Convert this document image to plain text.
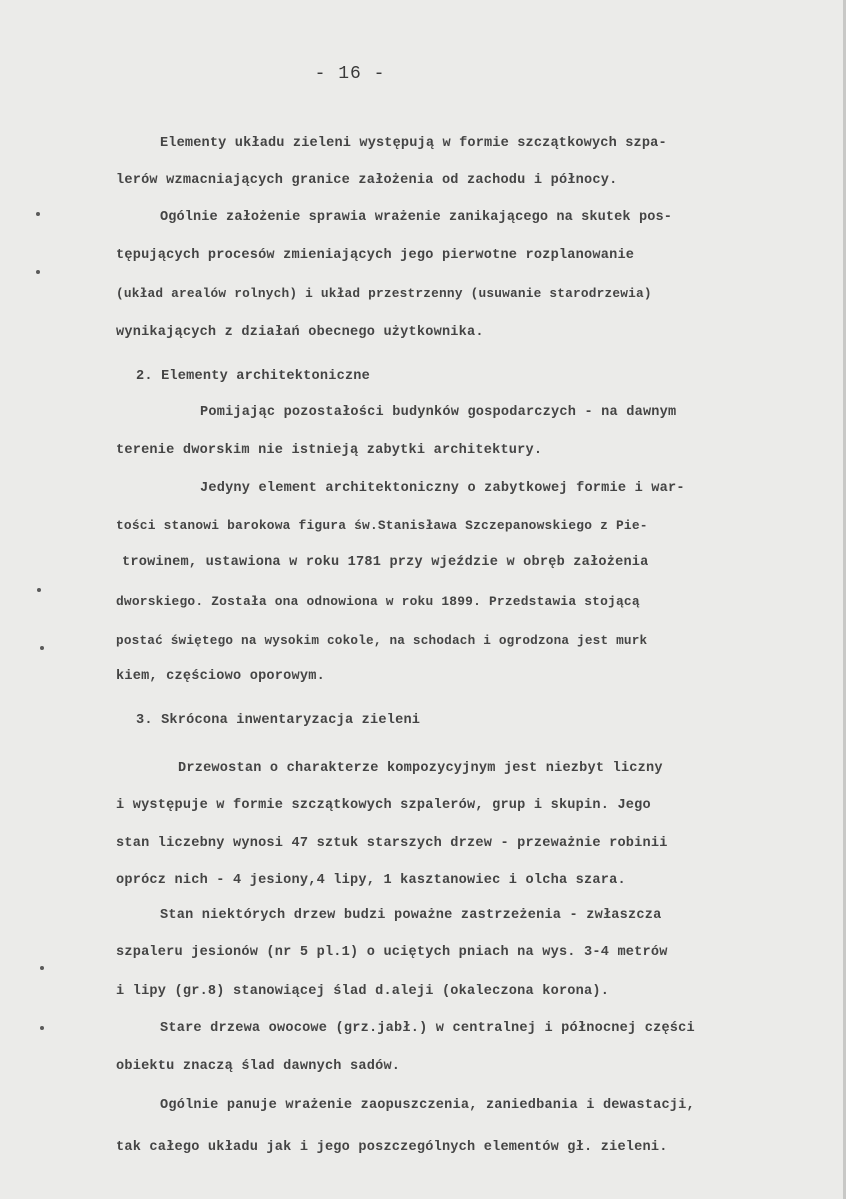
- 16 -
Elementy układu zieleni występują w formie szczątkowych szpa-
lerów wzmacniających granice założenia od zachodu i północy.
Ogólnie założenie sprawia wrażenie zanikającego na skutek pos-
tępujących procesów zmieniających jego pierwotne rozplanowanie
(układ arealów rolnych) i układ przestrzenny (usuwanie starodrzewia)
wynikających z działań obecnego użytkownika.
2. Elementy architektoniczne
Pomijając pozostałości budynków gospodarczych - na dawnym
terenie dworskim nie istnieją zabytki architektury.
Jedyny element architektoniczny o zabytkowej formie i war-
tości stanowi barokowa figura św.Stanisława Szczepanowskiego z Pie-
trowinem, ustawiona w roku 1781 przy wjeździe w obręb założenia
dworskiego. Została ona odnowiona w roku 1899. Przedstawia stojącą
postać świętego na wysokim cokole, na schodach i ogrodzona jest murk
kiem, częściowo oporowym.
3. Skrócona inwentaryzacja zieleni
Drzewostan o charakterze kompozycyjnym jest niezbyt liczny
i występuje w formie szczątkowych szpalerów, grup i skupin. Jego
stan liczebny wynosi 47 sztuk starszych drzew - przeważnie robinii
oprócz nich - 4 jesiony,4 lipy, 1 kasztanowiec i olcha szara.
Stan niektórych drzew budzi poważne zastrzeżenia - zwłaszcza
szpaleru jesionów (nr 5 pl.1) o uciętych pniach na wys. 3-4 metrów
i lipy (gr.8) stanowiącej ślad d.aleji (okaleczona korona).
Stare drzewa owocowe (grz.jabł.) w centralnej i północnej części
obiektu znaczą ślad dawnych sadów.
Ogólnie panuje wrażenie zaopuszczenia, zaniedbania i dewastacji,
tak całego układu jak i jego poszczególnych elementów gł. zieleni.
